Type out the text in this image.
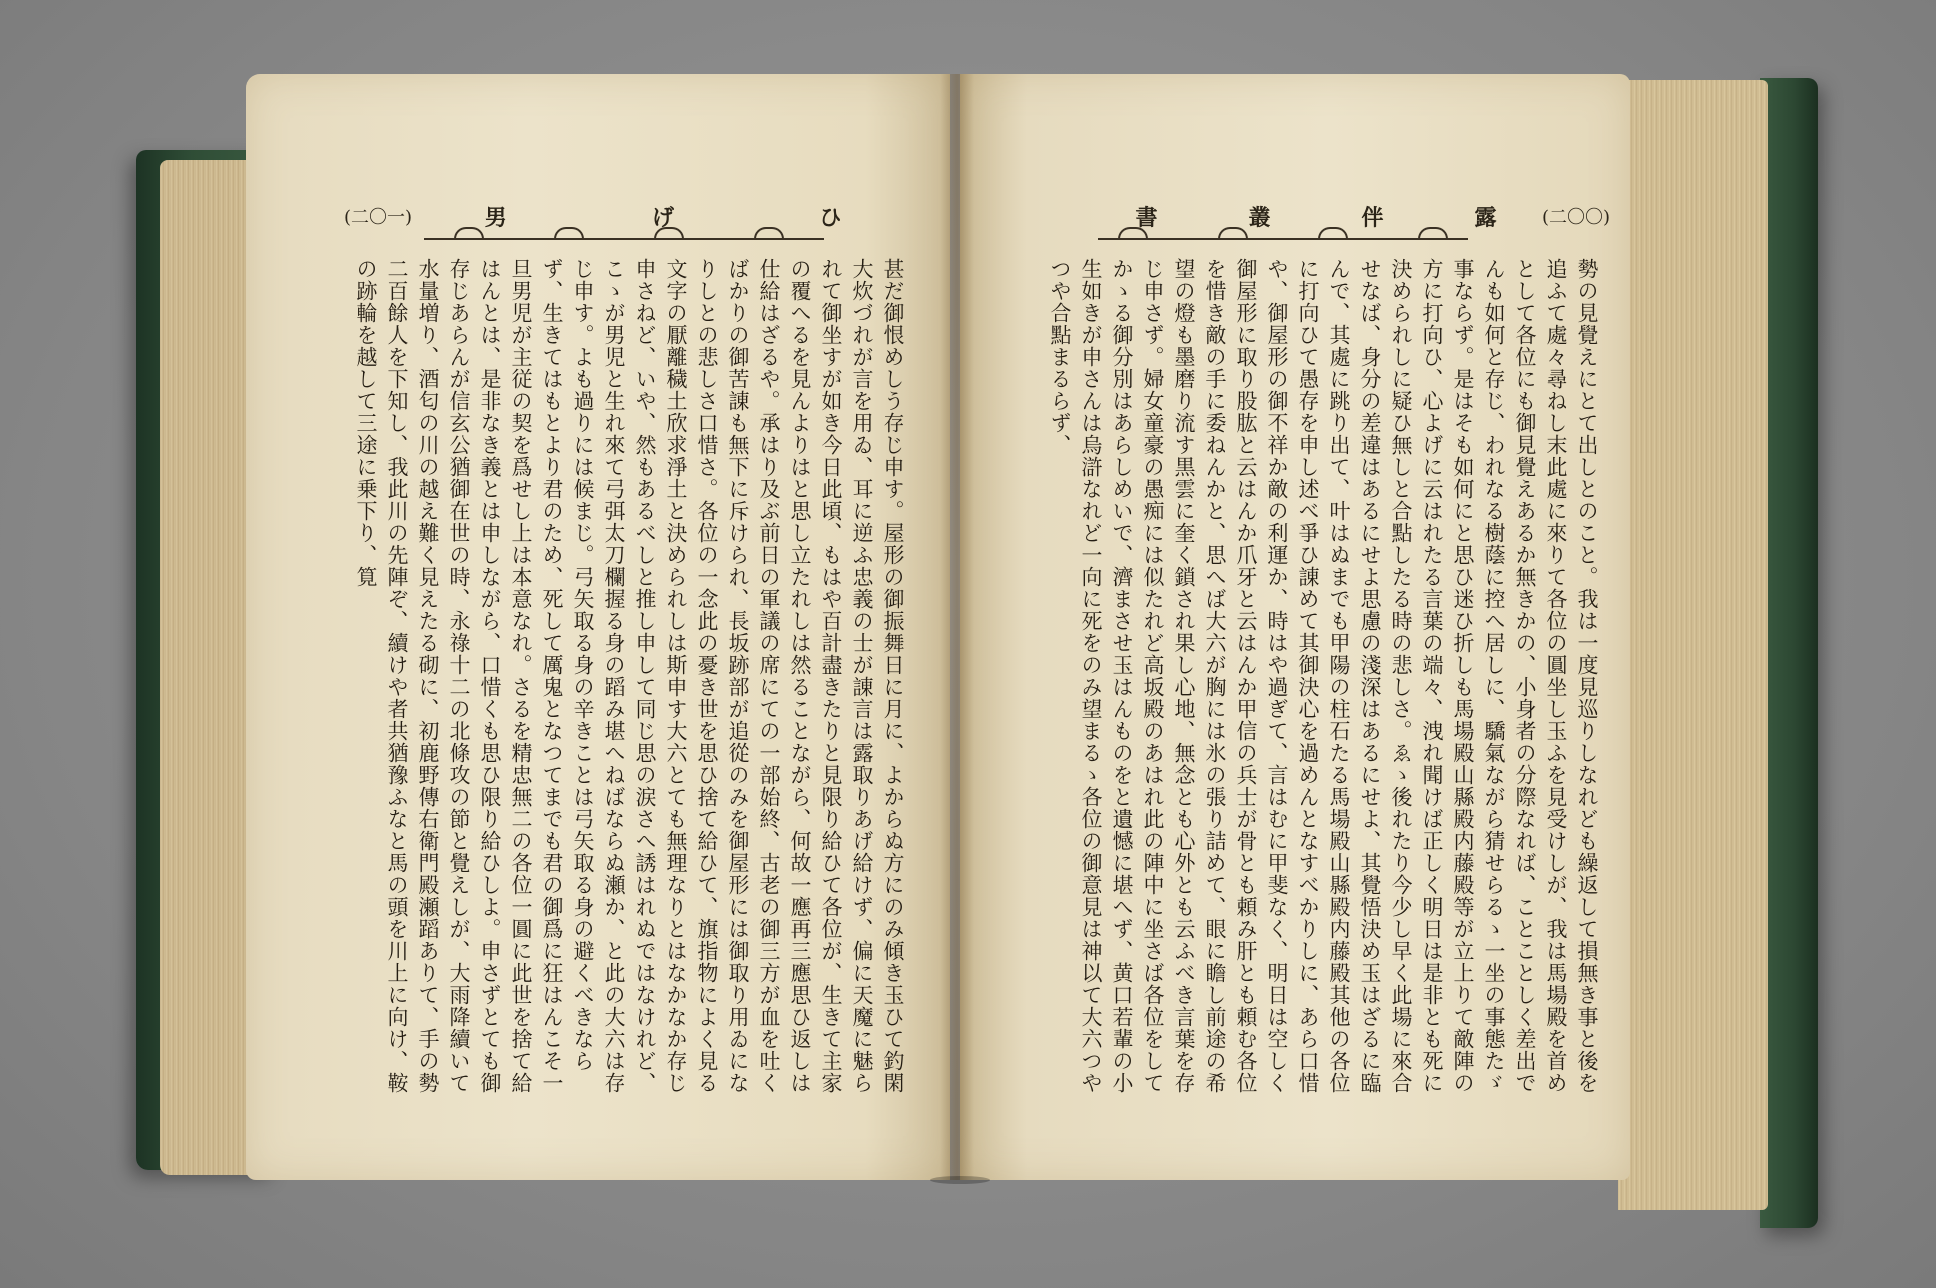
(二〇一)	男	げ	ひ	書	叢	伴	露	(二〇〇)

甚だ御恨めしう存じ申す。屋形の御振舞日に月に、よからぬ方にのみ傾き玉ひて釣閑大炊づれが言を用ゐ、耳に逆ふ忠義の士が諌言は露取りあげ給けず、偏に天魔に魅られて御坐すが如き今日此頃、もはや百計盡きたりと見限り給ひて各位が、生きて主家の覆へるを見んよりはと思し立たれしは然ることながら、何故一應再三應思ひ返しは仕給はざるや。承はり及ぶ前日の軍議の席にての一部始終、古老の御三方が血を吐くばかりの御苦諌も無下に斥けられ、長坂跡部が追從のみを御屋形には御取り用ゐになりしとの悲しさ口惜さ。各位の一念此の憂き世を思ひ捨て給ひて、旗指物によく見る文字の厭離穢土欣求淨土と決められしは斯申す大六とても無理なりとはなかなか存じ申さねど、いや、然もあるべしと推し申して同じ思の涙さへ誘はれぬではなけれど、こゝが男児と生れ來て弓弭太刀欄握る身の蹈み堪へねばならぬ瀬か、と此の大六は存じ申す。よも過りには候まじ。弓矢取る身の辛きことは弓矢取る身の避くべきならず、生きてはもとより君のため、死して厲鬼となつてまでも君の御爲に狂はんこそ一旦男児が主従の契を爲せし上は本意なれ。さるを精忠無二の各位一圓に此世を捨て給はんとは、是非なき義とは申しながら、口惜くも思ひ限り給ひしよ。申さずとても御存じあらんが信玄公猶御在世の時、永祿十二の北條攻の節と覺えしが、大雨降續いて水量増り、酒匂の川の越え難く見えたる砌に、初鹿野傳右衛門殿瀬蹈ありて、手の勢二百餘人を下知し、我此川の先陣ぞ、續けや者共猶豫ふなと馬の頭を川上に向け、鞍の跡輪を越して三途に乗下り、筧	勢の見覺えにとて出しとのこと。我は一度見巡りしなれども繰返して損無き事と後を追ふて處々尋ねし末此處に來りて各位の圓坐し玉ふを見受けしが、我は馬場殿を首めとして各位にも御見覺えあるか無きかの、小身者の分際なれば、ことことしく差出でんも如何と存じ、われなる樹蔭に控へ居しに、驕氣ながら猜せらるゝ一坐の事態たゞ事ならず。是はそも如何にと思ひ迷ひ折しも馬場殿山縣殿内藤殿等が立上りて敵陣の方に打向ひ、心よげに云はれたる言葉の端々、洩れ聞けば正しく明日は是非とも死に決められしに疑ひ無しと合點したる時の悲しさ。ゑゝ後れたり今少し早く此場に來合せなば、身分の差違はあるにせよ思慮の淺深はあるにせよ、其覺悟決め玉はざるに臨んで、其處に跳り出て、叶はぬまでも甲陽の柱石たる馬場殿山縣殿内藤殿其他の各位に打向ひて愚存を申し述べ爭ひ諌めて其御決心を過めんとなすべかりしに、あら口惜や、御屋形の御不祥か敵の利運か、時はや過ぎて、言はむに甲斐なく、明日は空しく御屋形に取り股肱と云はんか爪牙と云はんか甲信の兵士が骨とも頼み肝とも頼む各位を惜き敵の手に委ねんかと、思へば大六が胸には氷の張り詰めて、眼に瞻し前途の希望の燈も墨磨り流す黒雲に奎く鎖され果し心地、無念とも心外とも云ふべき言葉を存じ申さず。婦女童豪の愚痴には似たれど高坂殿のあはれ此の陣中に坐さば各位をしてかゝる御分別はあらしめいで、濟まさせ玉はんものをと遺憾に堪へず、黄口若輩の小生如きが申さんは烏滸なれど一向に死をのみ望まるゝ各位の御意見は神以て大六つやつや合點まるらず、
